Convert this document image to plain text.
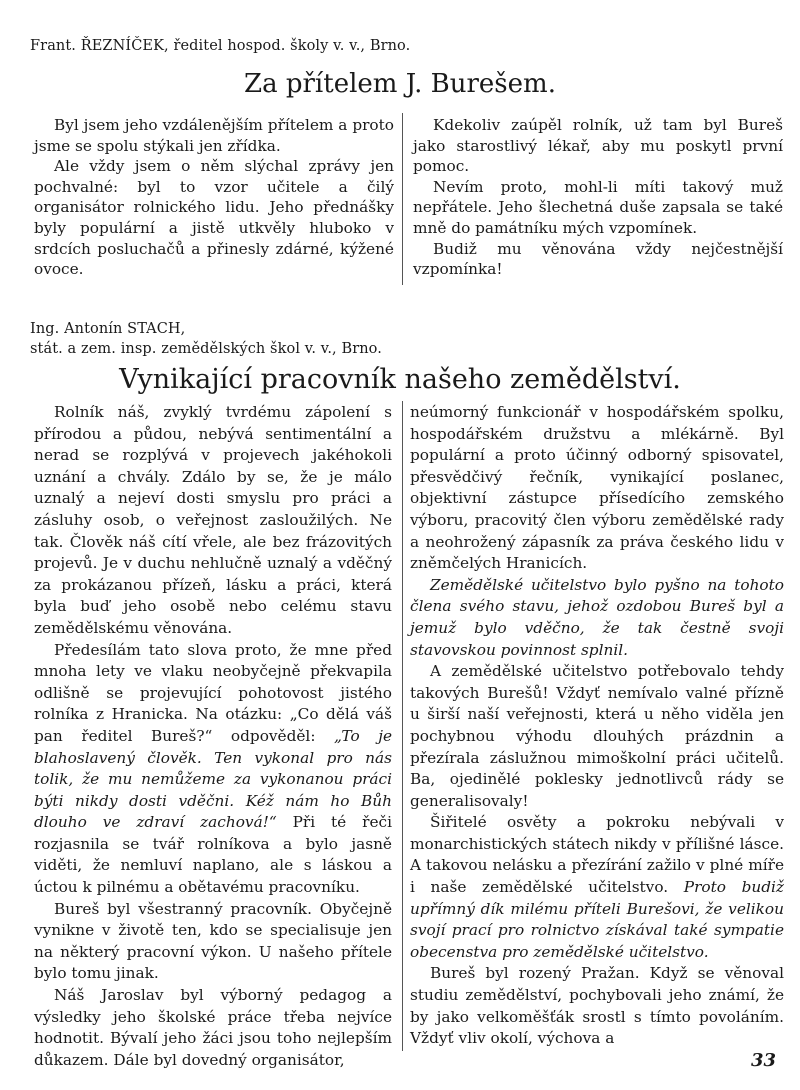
Frant. ŘEZNÍČEK, ředitel hospod. školy v. v., Brno.
Za přítelem J. Burešem.

Byl jsem jeho vzdálenějším přítelem a proto jsme se spolu stýkali jen zřídka.

Ale vždy jsem o něm slýchal zprávy jen pochvalné: byl to vzor učitele a čilý organisátor rolnického lidu. Jeho přednášky byly populární a jistě utkvěly hluboko v srdcích posluchačů a přinesly zdárné, kýžené ovoce.

Kdekoliv zaúpěl rolník, už tam byl Bureš jako starostlivý lékař, aby mu poskytl první pomoc.

Nevím proto, mohl-li míti takový muž nepřátele. Jeho šlechetná duše zapsala se také mně do památníku mých vzpomínek.

Budiž mu věnována vždy nejčestnější vzpomínka!

Ing. Antonín STACH,
stát. a zem. insp. zemědělských škol v. v., Brno.
Vynikající pracovník našeho zemědělství.

Rolník náš, zvyklý tvrdému zápolení s přírodou a půdou, nebývá sentimentální a nerad se rozplývá v projevech jakéhokoli uznání a chvály. Zdálo by se, že je málo uznalý a nejeví dosti smyslu pro práci a zásluhy osob, o veřejnost zasloužilých. Ne tak. Člověk náš cítí vřele, ale bez frázovitých projevů. Je v duchu nehlučně uznalý a vděčný za prokázanou přízeň, lásku a práci, která byla buď jeho osobě nebo celému stavu zemědělskému věnována.

Předesílám tato slova proto, že mne před mnoha lety ve vlaku neobyčejně překvapila odlišně se projevující pohotovost jistého rolníka z Hranicka. Na otázku: „Co dělá váš pan ředitel Bureš?“ odpověděl: „To je blahoslavený člověk. Ten vykonal pro nás tolik, že mu nemůžeme za vykonanou práci býti nikdy dosti vděčni. Kéž nám ho Bůh dlouho ve zdraví zachová!“ Při té řeči rozjasnila se tvář rolníkova a bylo jasně viděti, že nemluví naplano, ale s láskou a úctou k pilnému a obětavému pracovníku.

Bureš byl všestranný pracovník. Obyčejně vynikne v životě ten, kdo se specialisuje jen na některý pracovní výkon. U našeho přítele bylo tomu jinak.

Náš Jaroslav byl výborný pedagog a výsledky jeho školské práce třeba nejvíce hodnotit. Bývalí jeho žáci jsou toho nejlepším důkazem. Dále byl dovedný organisátor,

neúmorný funkcionář v hospodářském spolku, hospodářském družstvu a mlékárně. Byl populární a proto účinný odborný spisovatel, přesvědčivý řečník, vynikající poslanec, objektivní zástupce přísedícího zemského výboru, pracovitý člen výboru zemědělské rady a neohrožený zápasník za práva českého lidu v zněmčelých Hranicích.

Zemědělské učitelstvo bylo pyšno na tohoto člena svého stavu, jehož ozdobou Bureš byl a jemuž bylo vděčno, že tak čestně svoji stavovskou povinnost splnil.

A zemědělské učitelstvo potřebovalo tehdy takových Burešů! Vždyť nemívalo valné přízně u širší naší veřejnosti, která u něho viděla jen pochybnou výhodu dlouhých prázdnin a přezírala záslužnou mimoškolní práci učitelů. Ba, ojedinělé poklesky jednotlivců rády se generalisovaly!

Šiřitelé osvěty a pokroku nebývali v monarchistických státech nikdy v přílišné lásce. A takovou nelásku a přezírání zažilo v plné míře i naše zemědělské učitelstvo. Proto budiž upřímný dík milému příteli Burešovi, že velikou svojí prací pro rolnictvo získával také sympatie obecenstva pro zemědělské učitelstvo.

Bureš byl rozený Pražan. Když se věnoval studiu zemědělství, pochybovali jeho známí, že by jako velkoměšťák srostl s tímto povoláním. Vždyť vliv okolí, výchova a

33
